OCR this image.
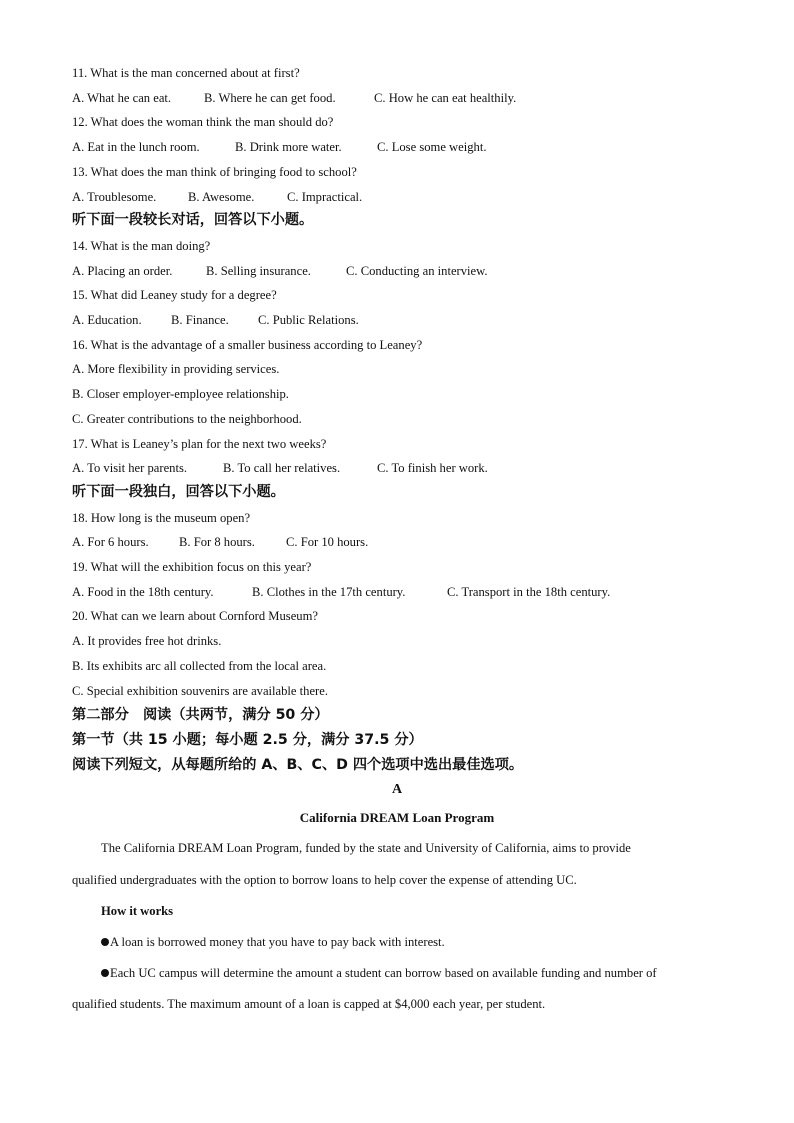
11. What is the man concerned about at first?
A. What he can eat.	B. Where he can get food.	C. How he can eat healthily.
12. What does the woman think the man should do?
A. Eat in the lunch room.	B. Drink more water.	C. Lose some weight.
13. What does the man think of bringing food to school?
A. Troublesome.	B. Awesome.	C. Impractical.
听下面一段较长对话，回答以下小题。
14. What is the man doing?
A. Placing an order.	B. Selling insurance.	C. Conducting an interview.
15. What did Leaney study for a degree?
A. Education. B. Finance. C. Public Relations.
16. What is the advantage of a smaller business according to Leaney?
A. More flexibility in providing services.
B. Closer employer-employee relationship.
C. Greater contributions to the neighborhood.
17. What is Leaney’s plan for the next two weeks?
A. To visit her parents.	B. To call her relatives.	C. To finish her work.
听下面一段独白，回答以下小题。
18. How long is the museum open?
A. For 6 hours. B. For 8 hours. C. For 10 hours.
19. What will the exhibition focus on this year?
A. Food in the 18th century.	B. Clothes in the 17th century.	C. Transport in the 18th century.
20. What can we learn about Cornford Museum?
A. It provides free hot drinks.
B. Its exhibits arc all collected from the local area.
C. Special exhibition souvenirs are available there.
第二部分　阅读（共两节，满分 50 分）
第一节（共 15 小题；每小题 2.5 分，满分 37.5 分）
阅读下列短文，从每题所给的 A、B、C、D 四个选项中选出最佳选项。
A
California DREAM Loan Program
The California DREAM Loan Program, funded by the state and University of California, aims to provide
qualified undergraduates with the option to borrow loans to help cover the expense of attending UC.
How it works
A loan is borrowed money that you have to pay back with interest.
Each UC campus will determine the amount a student can borrow based on available funding and number of
qualified students. The maximum amount of a loan is capped at $4,000 each year, per student.
